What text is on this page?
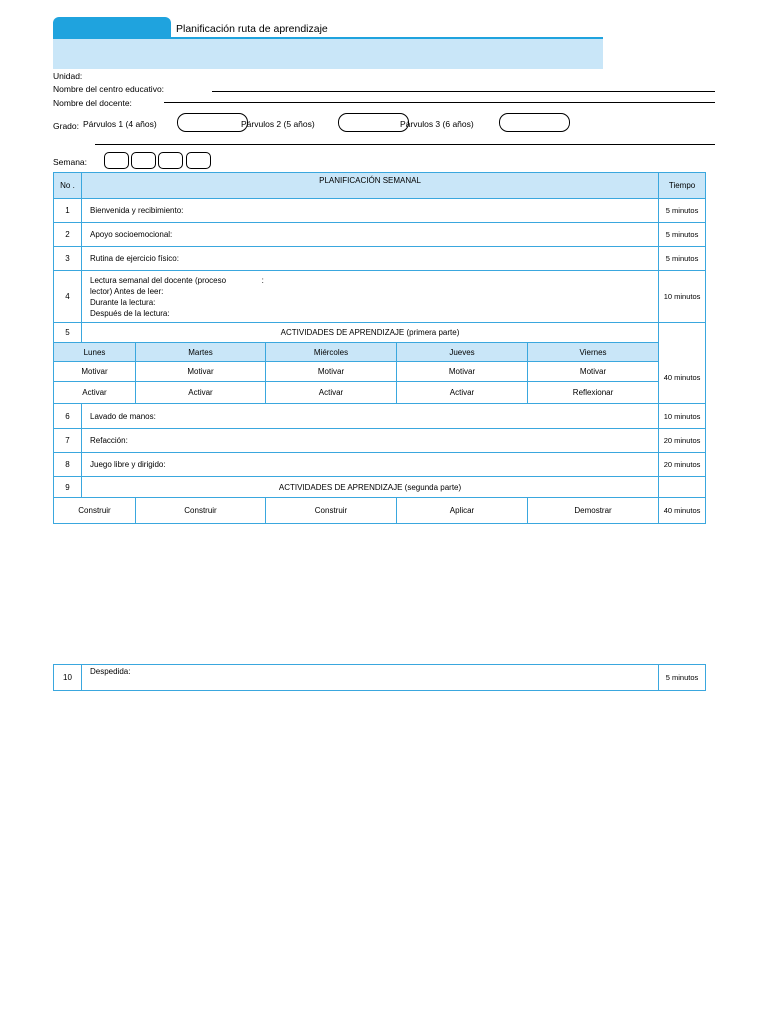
Planificación ruta de aprendizaje
Unidad:
Nombre del centro educativo:
Nombre del docente:
Grado: Párvulos 1 (4 años)	Párvulos 2 (5 años)	Párvulos 3 (6 años)
Semana:
No .	PLANIFICACIÓN SEMANAL					Tiempo
1	Bienvenida y recibimiento:					5 minutos
2	Apoyo socioemocional:					5 minutos
3	Rutina de ejercicio físico:					5 minutos
4	Lectura semanal del docente (proceso                :
lector) Antes de leer:
Durante la lectura:
Después de la lectura:					10 minutos
5	ACTIVIDADES DE APRENDIZAJE (primera parte)					40 minutos
Lunes		Martes	Miércoles	Jueves	Viernes	
Motivar		Motivar	Motivar	Motivar	Motivar	
Activar		Activar	Activar	Activar	Reflexionar	
6	Lavado de manos:					10 minutos
7	Refacción:					20 minutos
8	Juego libre y dirigido:					20 minutos
9	ACTIVIDADES DE APRENDIZAJE (segunda parte)					
Construir		Construir	Construir	Aplicar	Demostrar	40 minutos
10	Despedida:	5 minutos
